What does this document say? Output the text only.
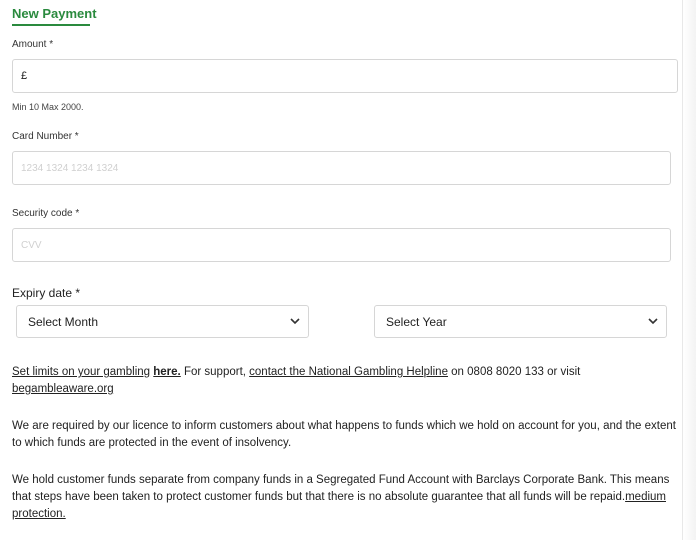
New Payment
Amount *
£
Min 10 Max 2000.
Card Number *
1234 1324 1234 1324
Security code *
CVV
Expiry date *
Select Month	Select Year
Set limits on your gambling here. For support, contact the National Gambling Helpline on 0808 8020 133 or visit
begambleaware.org
We are required by our licence to inform customers about what happens to funds which we hold on account for you, and the extent to which funds are protected in the event of insolvency.
We hold customer funds separate from company funds in a Segregated Fund Account with Barclays Corporate Bank. This means that steps have been taken to protect customer funds but that there is no absolute guarantee that all funds will be repaid.medium protection.
